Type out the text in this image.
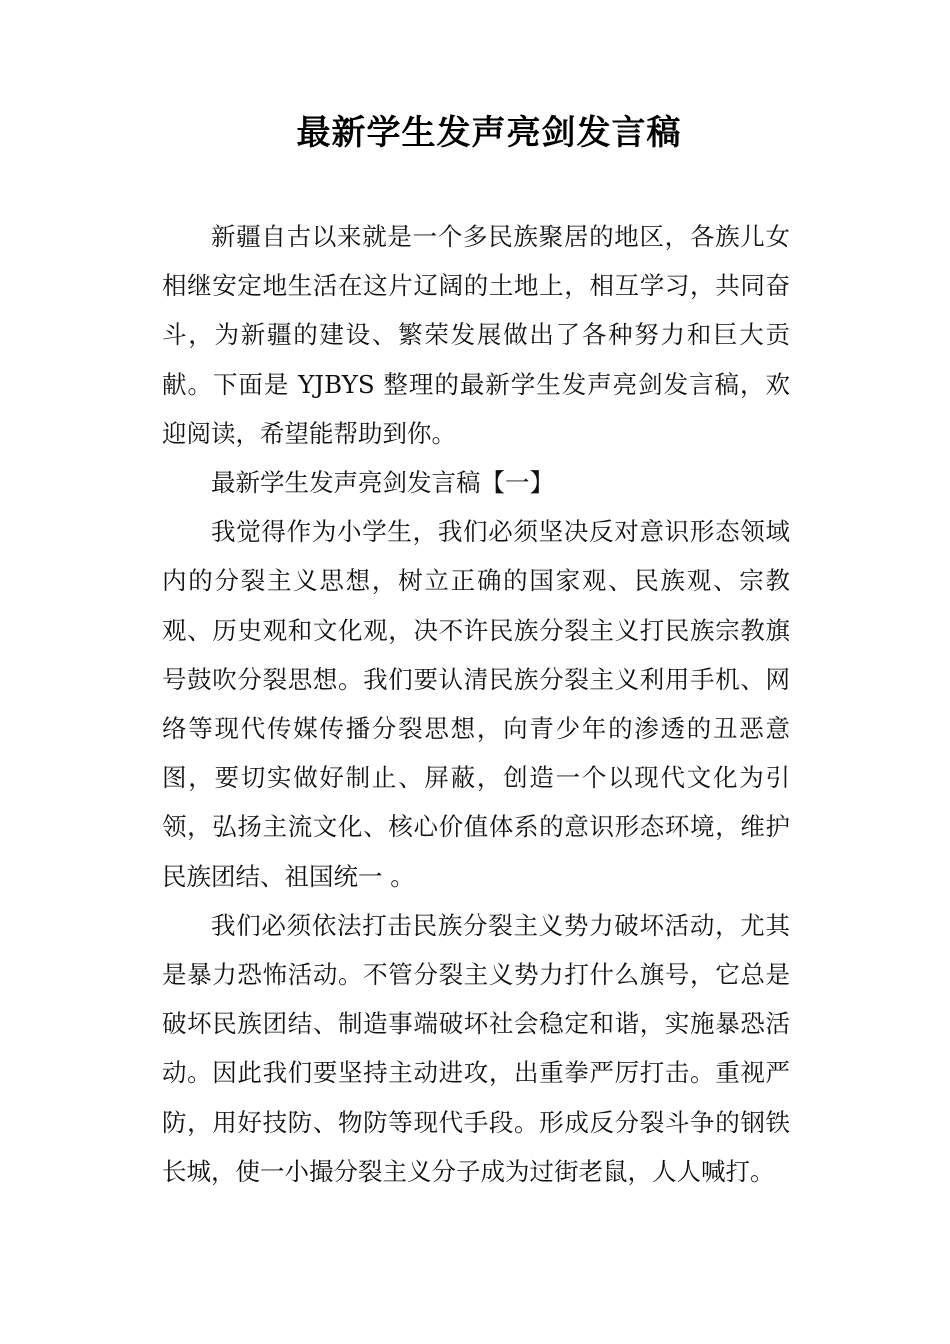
最新学生发声亮剑发言稿

新疆自古以来就是一个多民族聚居的地区，各族儿女相继安定地生活在这片辽阔的土地上，相互学习，共同奋斗，为新疆的建设、繁荣发展做出了各种努力和巨大贡献。下面是 YJBYS 整理的最新学生发声亮剑发言稿，欢迎阅读，希望能帮助到你。

最新学生发声亮剑发言稿【一】

我觉得作为小学生，我们必须坚决反对意识形态领域内的分裂主义思想，树立正确的国家观、民族观、宗教观、历史观和文化观，决不许民族分裂主义打民族宗教旗号鼓吹分裂思想。我们要认清民族分裂主义利用手机、网络等现代传媒传播分裂思想，向青少年的渗透的丑恶意图，要切实做好制止、屏蔽，创造一个以现代文化为引领，弘扬主流文化、核心价值体系的意识形态环境，维护民族团结、祖国统一 。

我们必须依法打击民族分裂主义势力破坏活动，尤其是暴力恐怖活动。不管分裂主义势力打什么旗号，它总是破坏民族团结、制造事端破坏社会稳定和谐，实施暴恐活动。因此我们要坚持主动进攻，出重拳严厉打击。重视严防，用好技防、物防等现代手段。形成反分裂斗争的钢铁长城，使一小撮分裂主义分子成为过街老鼠，人人喊打。
